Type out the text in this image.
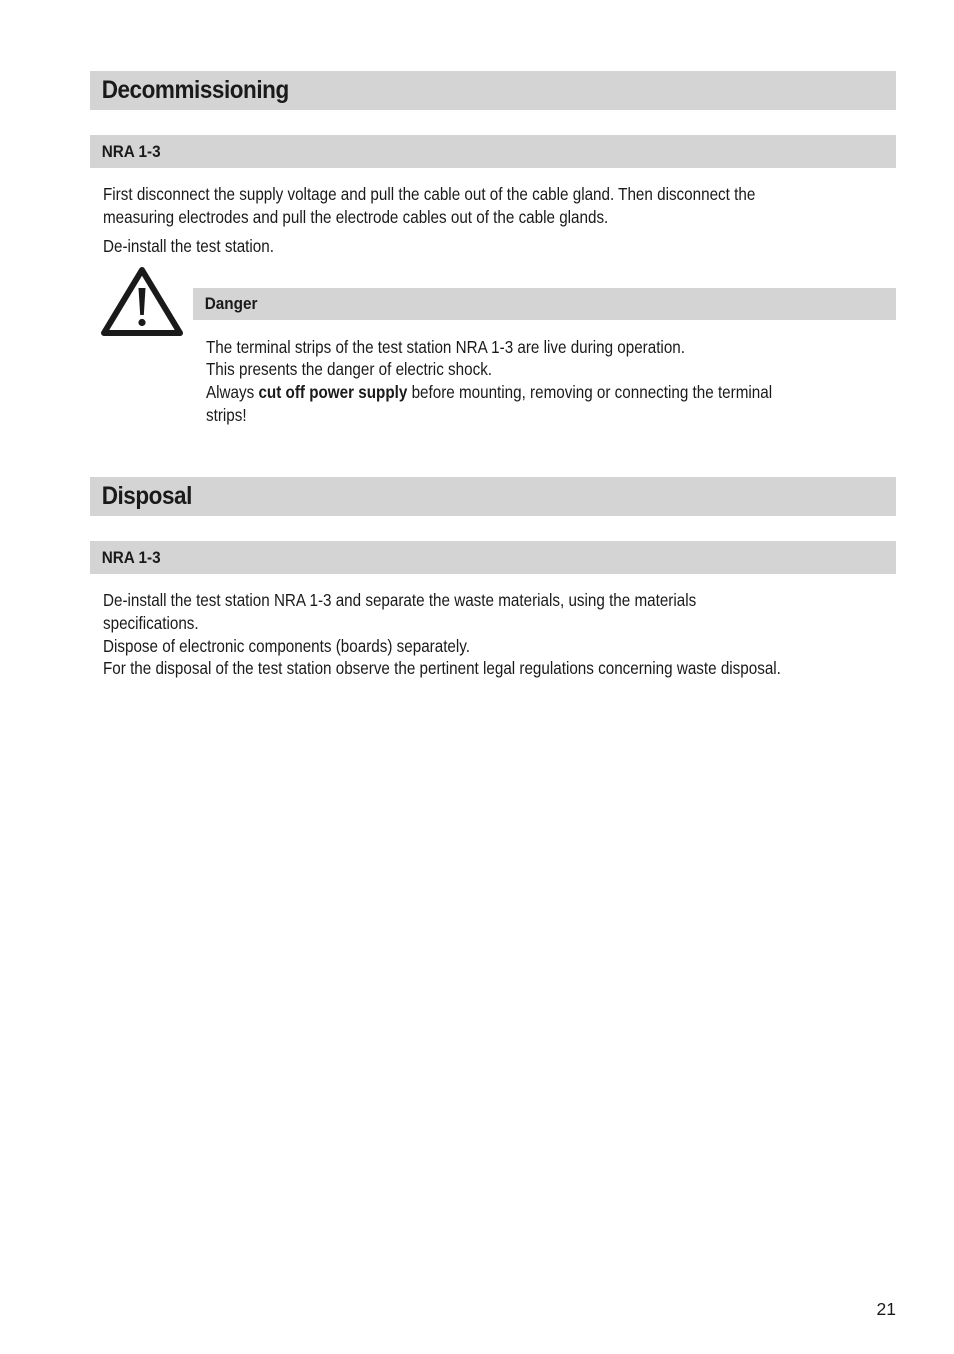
Decommissioning
NRA 1-3

First disconnect the supply voltage and pull the cable out of the cable gland. Then disconnect the

measuring electrodes and pull the electrode cables out of the cable glands.

De-install the test station.

Danger

The terminal strips of the test station NRA 1-3 are live during operation.

This presents the danger of electric shock.

Always cut off power supply before mounting, removing or connecting the terminal

strips!

Disposal
NRA 1-3

De-install the test station NRA 1-3 and separate the waste materials, using the materials

specifications.

Dispose of electronic components (boards) separately.

For the disposal of the test station observe the pertinent legal regulations concerning waste disposal.

21
